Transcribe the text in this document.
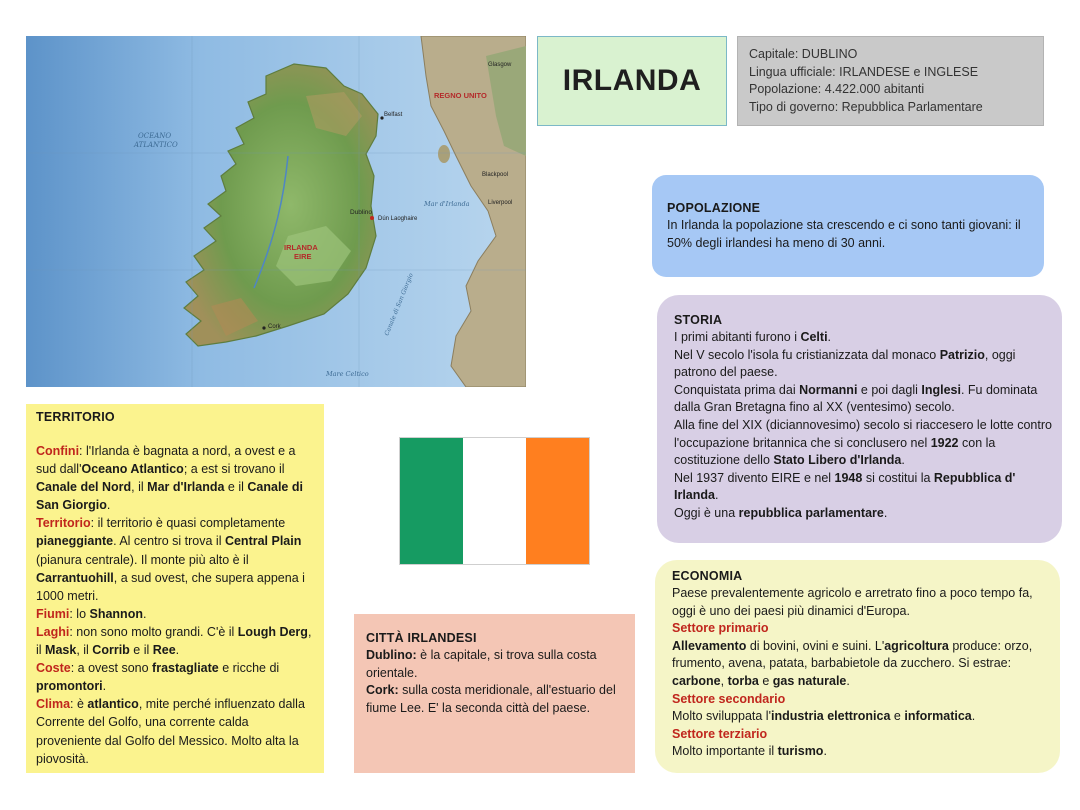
OCEANO
ATLANTICO
REGNO UNITO
IRLANDA
EIRE
Mar d'Irlanda
Mare Celtico
Canale di San Giorgio
Dublino
Dún Laoghaire
Belfast
Cork
Liverpool
Blackpool
Glasgow IRLANDA
Capitale: DUBLINO
Lingua ufficiale: IRLANDESE e INGLESE
Popolazione: 4.422.000 abitanti
Tipo di governo: Repubblica Parlamentare
POPOLAZIONE
In Irlanda la popolazione sta crescendo e ci sono tanti giovani: il 50% degli irlandesi ha meno di 30 anni.
STORIA
I primi abitanti furono i Celti.
Nel V secolo l'isola fu cristianizzata dal monaco Patrizio, oggi patrono del paese.
Conquistata prima dai Normanni e poi dagli Inglesi. Fu dominata dalla Gran Bretagna fino al XX (ventesimo) secolo.
Alla fine del XIX (diciannovesimo) secolo si riaccesero le lotte contro l'occupazione britannica che si conclusero nel 1922 con la costituzione dello Stato Libero d'Irlanda.
Nel 1937 divento EIRE e nel 1948 si costitui la Repubblica d' Irlanda.
Oggi è una repubblica parlamentare.
ECONOMIA
Paese prevalentemente agricolo e arretrato fino a poco tempo fa, oggi è uno dei paesi più dinamici d'Europa.
Settore primario
Allevamento di bovini, ovini e suini. L'agricoltura produce: orzo, frumento, avena, patata, barbabietole da zucchero. Si estrae: carbone, torba e gas naturale.
Settore secondario
Molto sviluppata l'industria elettronica e informatica.
Settore terziario
Molto importante il turismo.
TERRITORIO
Confini: l'Irlanda è bagnata a nord, a ovest e a sud dall'Oceano Atlantico; a est si trovano il Canale del Nord, il Mar d'Irlanda e il Canale di San Giorgio.
Territorio: il territorio è quasi completamente pianeggiante. Al centro si trova il Central Plain (pianura centrale). Il monte più alto è il Carrantuohill, a sud ovest, che supera appena i 1000 metri.
Fiumi: lo Shannon.
Laghi: non sono molto grandi. C'è il Lough Derg, il Mask, il Corrib e il Ree.
Coste: a ovest sono frastagliate e ricche di promontori.
Clima: è atlantico, mite perché influenzato dalla Corrente del Golfo, una corrente calda proveniente dal Golfo del Messico. Molto alta la piovosità.
CITTÀ IRLANDESI
Dublino: è la capitale, si trova sulla costa orientale.
Cork: sulla costa meridionale, all'estuario del fiume Lee. E' la seconda città del paese.
